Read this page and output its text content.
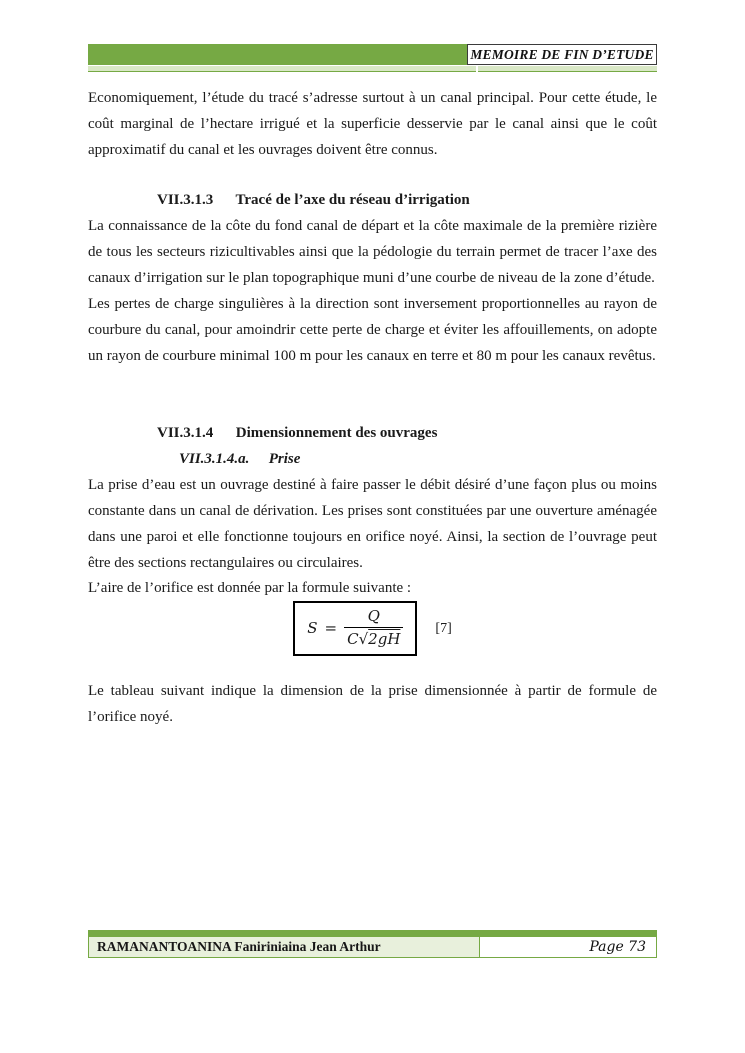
MEMOIRE DE FIN D’ETUDE
Economiquement, l’étude du tracé s’adresse surtout à un canal principal. Pour cette étude, le coût marginal de l’hectare irrigué et la superficie desservie par le canal ainsi que le coût approximatif du canal et les ouvrages doivent être connus.
VII.3.1.3 Tracé de l’axe du réseau d’irrigation
La connaissance de la côte du fond canal de départ et la côte maximale de la première rizière de tous les secteurs rizicultivables ainsi que la pédologie du terrain permet de tracer l’axe des canaux d’irrigation sur le plan topographique muni d’une courbe de niveau de la zone d’étude.
Les pertes de charge singulières à la direction sont inversement proportionnelles au rayon de courbure du canal, pour amoindrir cette perte de charge et éviter les affouillements, on adopte un rayon de courbure minimal 100 m pour les canaux en terre et 80 m pour les canaux revêtus.
VII.3.1.4 Dimensionnement des ouvrages
VII.3.1.4.a. Prise
La prise d’eau est un ouvrage destiné à faire passer le débit désiré d’une façon plus ou moins constante dans un canal de dérivation. Les prises sont constituées par une ouverture aménagée dans une paroi et elle fonctionne toujours en orifice noyé. Ainsi, la section de l’ouvrage peut être des sections rectangulaires ou circulaires.
L’aire de l’orifice est donnée par la formule suivante :
$S = \frac{Q}{C√2gH} [7]$
Le tableau suivant indique la dimension de la prise dimensionnée à partir de formule de l’orifice noyé.
RAMANANTOANINA Faniriniaina Jean Arthur	Page 73
